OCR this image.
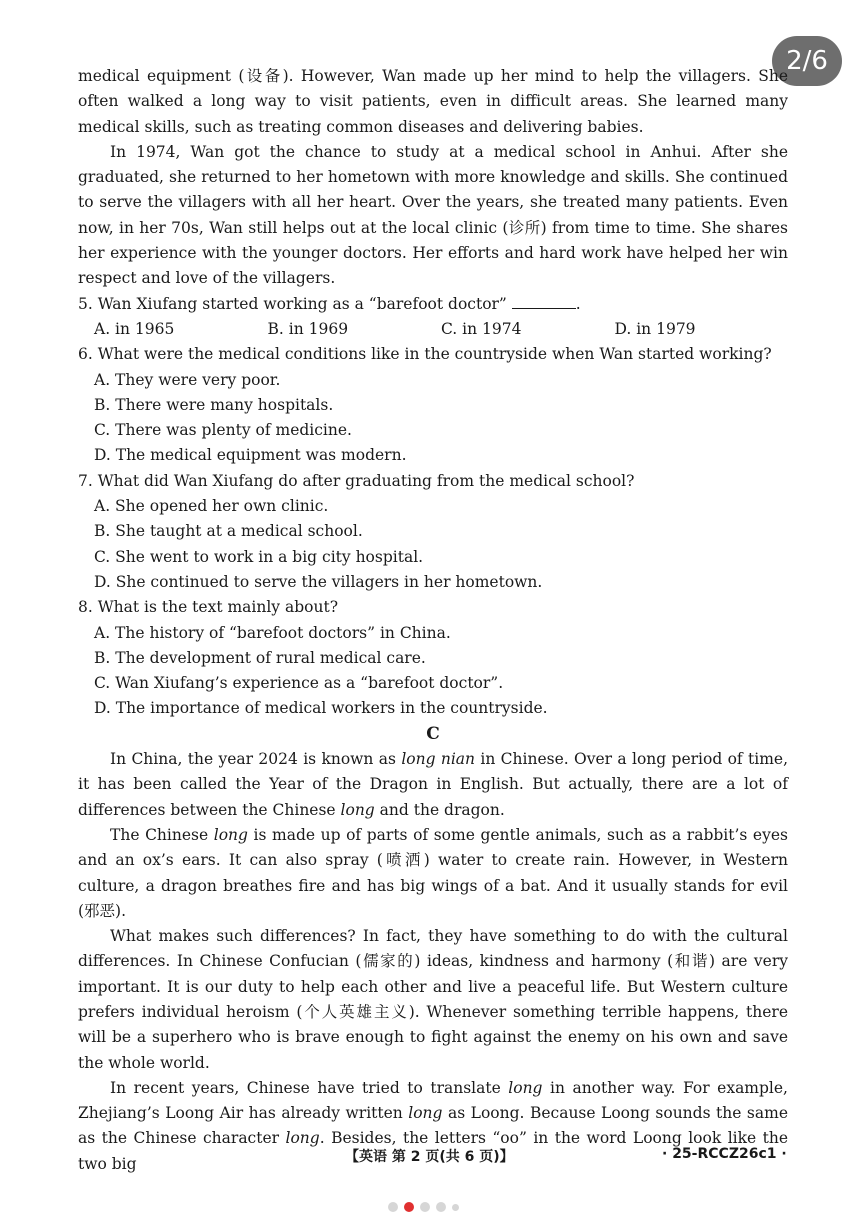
2/6

medical equipment (设备). However, Wan made up her mind to help the villagers. She often walked a long way to visit patients, even in difficult areas. She learned many medical skills, such as treating common diseases and delivering babies.

In 1974, Wan got the chance to study at a medical school in Anhui. After she graduated, she returned to her hometown with more knowledge and skills. She continued to serve the villagers with all her heart. Over the years, she treated many patients. Even now, in her 70s, Wan still helps out at the local clinic (诊所) from time to time. She shares her experience with the younger doctors. Her efforts and hard work have helped her win respect and love of the villagers.

5. Wan Xiufang started working as a “barefoot doctor”	.

A. in 1965	B. in 1969	C. in 1974	D. in 1979

6. What were the medical conditions like in the countryside when Wan started working?

A. They were very poor.

B. There were many hospitals.

C. There was plenty of medicine.

D. The medical equipment was modern.

7. What did Wan Xiufang do after graduating from the medical school?

A. She opened her own clinic.

B. She taught at a medical school.

C. She went to work in a big city hospital.

D. She continued to serve the villagers in her hometown.

8. What is the text mainly about?

A. The history of “barefoot doctors” in China.

B. The development of rural medical care.

C. Wan Xiufang’s experience as a “barefoot doctor”.

D. The importance of medical workers in the countryside.

C

In China, the year 2024 is known as long nian in Chinese. Over a long period of time, it has been called the Year of the Dragon in English. But actually, there are a lot of differences between the Chinese long and the dragon.

The Chinese long is made up of parts of some gentle animals, such as a rabbit’s eyes and an ox’s ears. It can also spray (喷洒) water to create rain. However, in Western culture, a dragon breathes fire and has big wings of a bat. And it usually stands for evil (邪恶).

What makes such differences? In fact, they have something to do with the cultural differences. In Chinese Confucian (儒家的) ideas, kindness and harmony (和谐) are very important. It is our duty to help each other and live a peaceful life. But Western culture prefers individual heroism (个人英雄主义). Whenever something terrible happens, there will be a superhero who is brave enough to fight against the enemy on his own and save the whole world.

In recent years, Chinese have tried to translate long in another way. For example, Zhejiang’s Loong Air has already written long as Loong. Because Loong sounds the same as the Chinese character long. Besides, the letters “oo” in the word Loong look like the two big	【英语 第 2 页(共 6 页)】	· 25-RCCZ26c1 ·
